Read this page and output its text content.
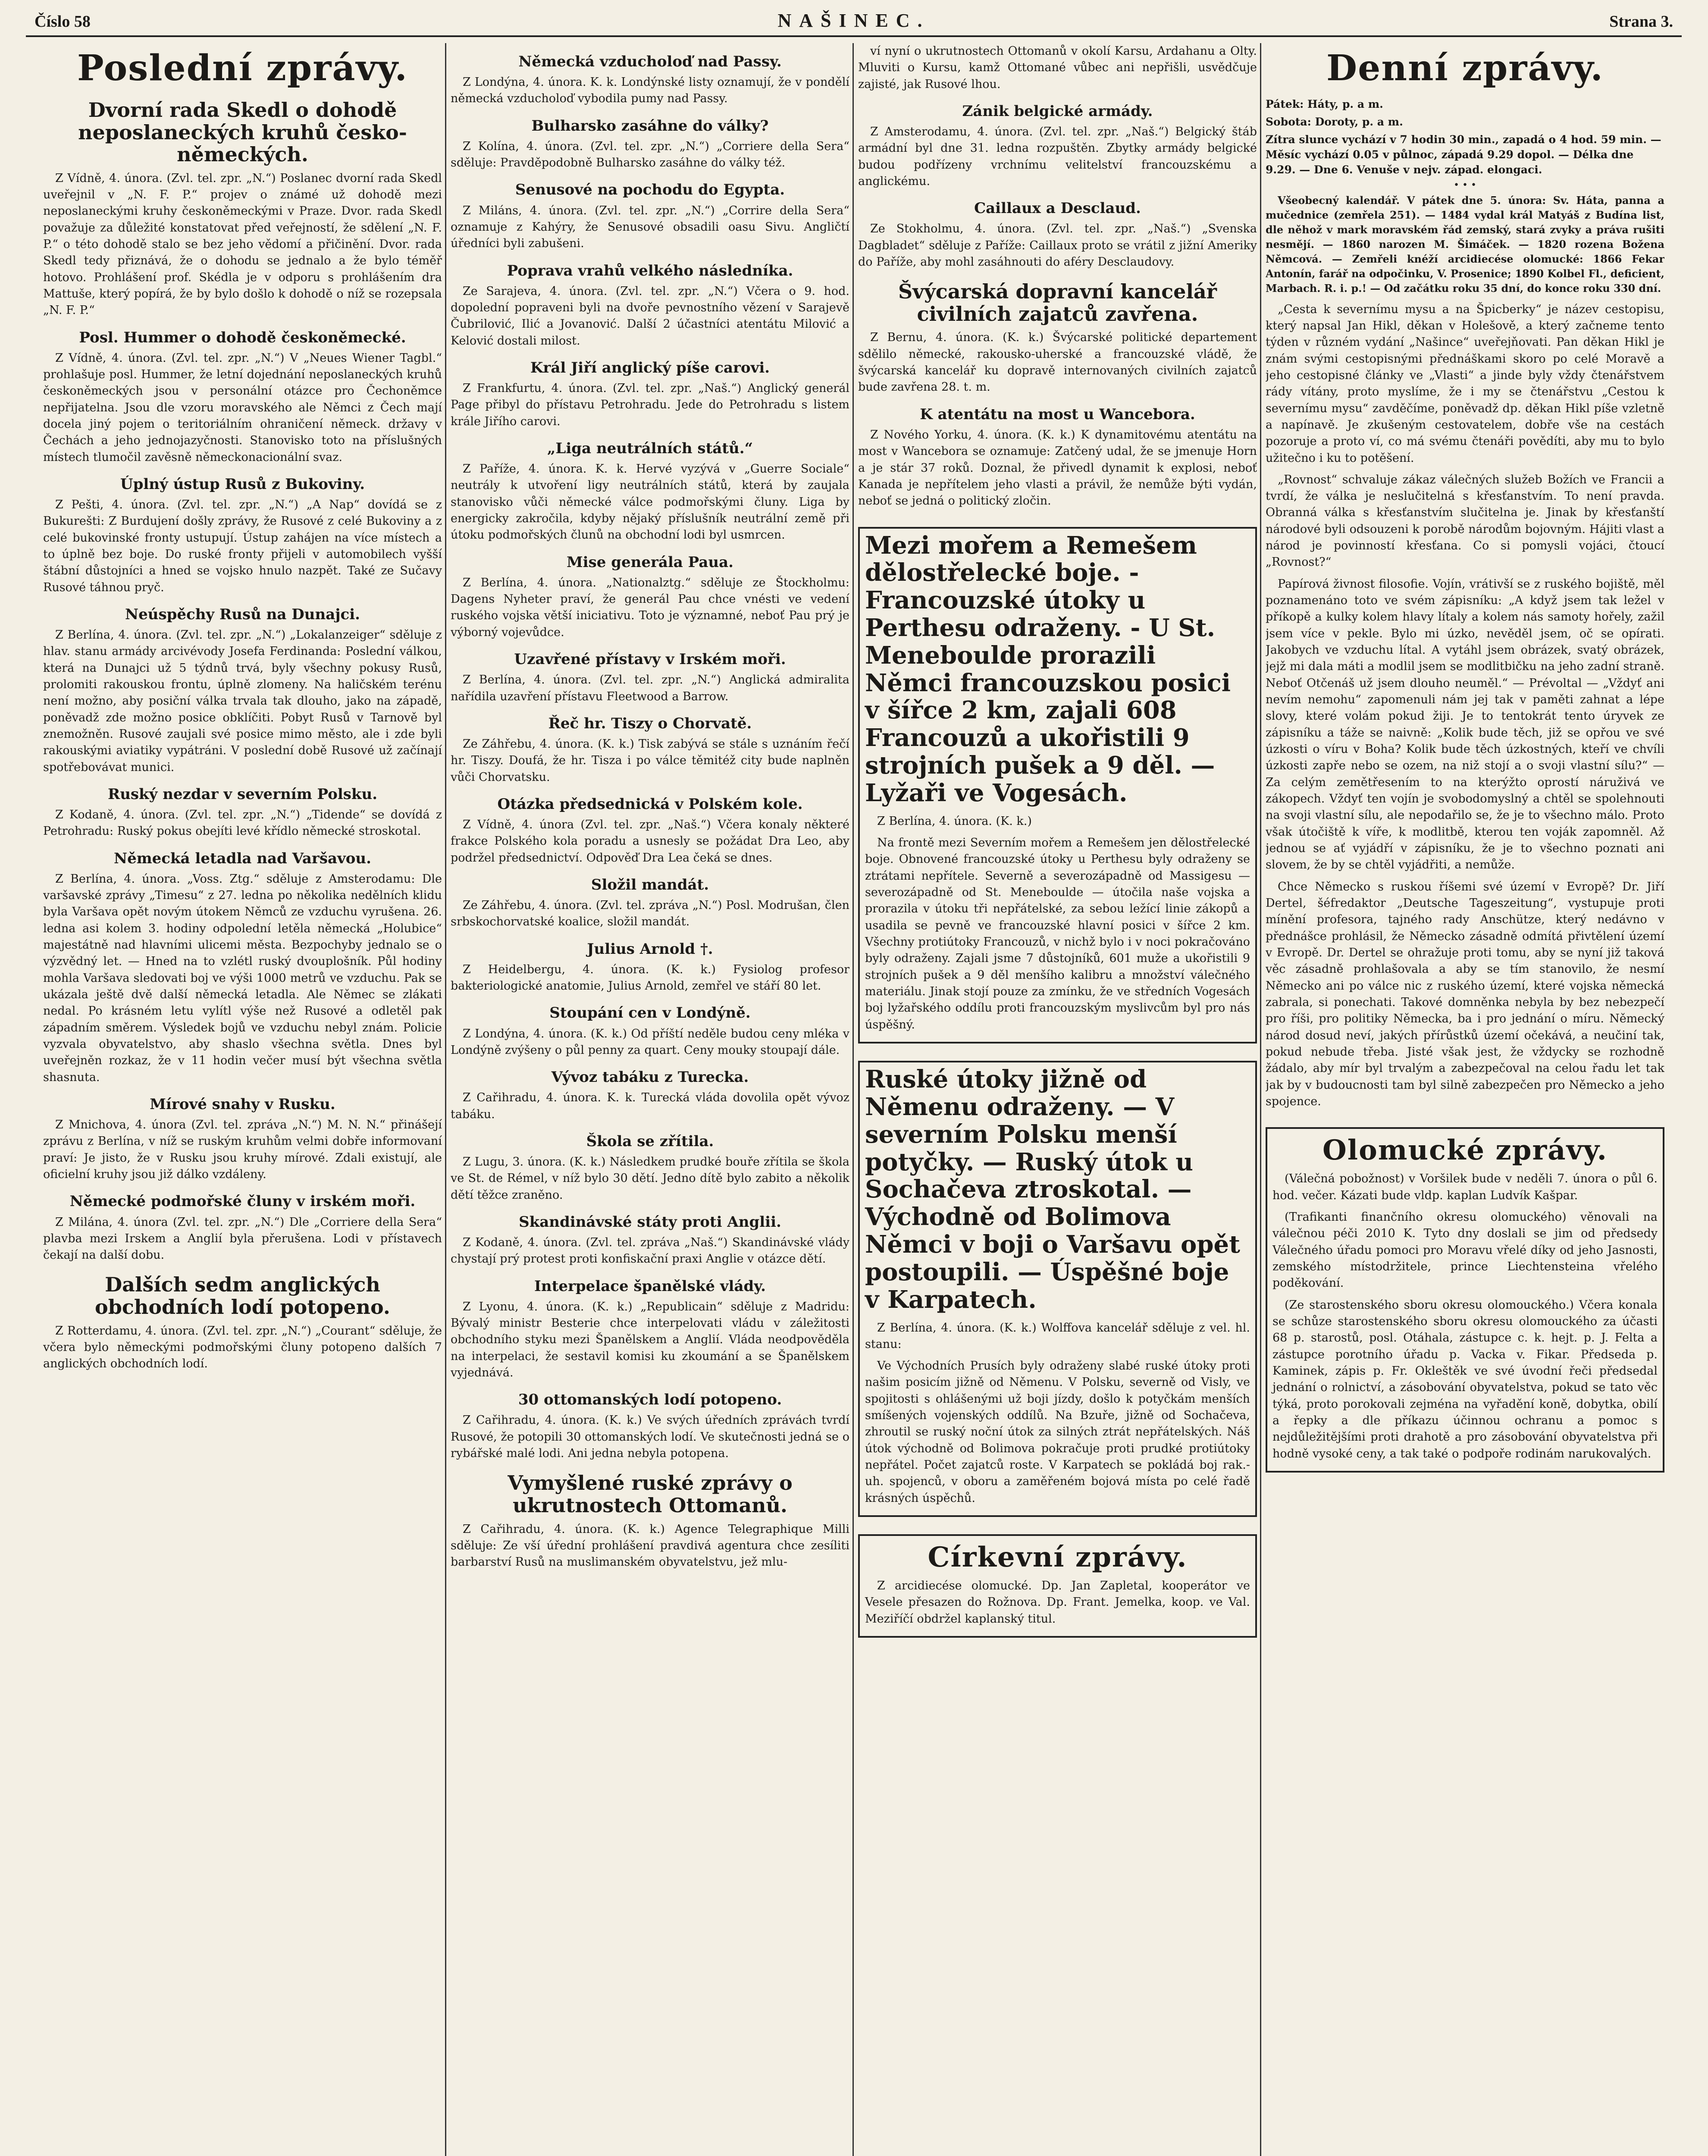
Číslo 58	NAŠINEC.	Strana 3.
Poslední zprávy.
Dvorní rada Skedl o dohodě neposlaneckých kruhů česko-německých.

Z Vídně, 4. února. (Zvl. tel. zpr. „N.“) Poslanec dvorní rada Skedl uveřejnil v „N. F. P.“ projev o známé už dohodě mezi neposlaneckými kruhy českoněmeckými v Praze. Dvor. rada Skedl považuje za důležité konstatovat před veřejností, že sdělení „N. F. P.“ o této dohodě stalo se bez jeho vědomí a přičinění. Dvor. rada Skedl tedy přiznává, že o dohodu se jednalo a že bylo téměř hotovo. Prohlášení prof. Skédla je v odporu s prohlášením dra Mattuše, který popírá, že by bylo došlo k dohodě o níž se rozepsala „N. F. P.“

Posl. Hummer o dohodě českoněmecké.

Z Vídně, 4. února. (Zvl. tel. zpr. „N.“) V „Neues Wiener Tagbl.“ prohlašuje posl. Hummer, že letní dojednání neposlaneckých kruhů českoněmeckých jsou v personální otázce pro Čechoněmce nepřijatelna. Jsou dle vzoru moravského ale Němci z Čech mají docela jiný pojem o teritoriálním ohraničení německ. državy v Čechách a jeho jednojazyčnosti. Stanovisko toto na příslušných místech tlumočil zavěsně německonacionální svaz.

Úplný ústup Rusů z Bukoviny.

Z Pešti, 4. února. (Zvl. tel. zpr. „N.“) „A Nap“ dovídá se z Bukurešti: Z Burdujení došly zprávy, že Rusové z celé Bukoviny a z celé bukovinské fronty ustupují. Ústup zahájen na více místech a to úplně bez boje. Do ruské fronty přijeli v automobilech vyšší štábní důstojníci a hned se vojsko hnulo nazpět. Také ze Sučavy Rusové táhnou pryč.

Neúspěchy Rusů na Dunajci.

Z Berlína, 4. února. (Zvl. tel. zpr. „N.“) „Lokalanzeiger“ sděluje z hlav. stanu armády arcivévody Josefa Ferdinanda: Poslední válkou, která na Dunajci už 5 týdnů trvá, byly všechny pokusy Rusů, prolomiti rakouskou frontu, úplně zlomeny. Na haličském terénu není možno, aby posiční válka trvala tak dlouho, jako na západě, poněvadž zde možno posice obklíčiti. Pobyt Rusů v Tarnově byl znemožněn. Rusové zaujali své posice mimo město, ale i zde byli rakouskými aviatiky vypátráni. V poslední době Rusové už začínají spotřebovávat munici.

Ruský nezdar v severním Polsku.

Z Kodaně, 4. února. (Zvl. tel. zpr. „N.“) „Tidende“ se dovídá z Petrohradu: Ruský pokus obejíti levé křídlo německé stroskotal.

Německá letadla nad Varšavou.

Z Berlína, 4. února. „Voss. Ztg.“ sděluje z Amsterodamu: Dle varšavské zprávy „Timesu“ z 27. ledna po několika nedělních klidu byla Varšava opět novým útokem Němců ze vzduchu vyrušena. 26. ledna asi kolem 3. hodiny odpolední letěla německá „Holubice“ majestátně nad hlavními ulicemi města. Bezpochyby jednalo se o výzvědný let. — Hned na to vzlétl ruský dvouplošník. Půl hodiny mohla Varšava sledovati boj ve výši 1000 metrů ve vzduchu. Pak se ukázala ještě dvě další německá letadla. Ale Němec se zlákati nedal. Po krásném letu vylítl výše než Rusové a odletěl pak západním směrem. Výsledek bojů ve vzduchu nebyl znám. Policie vyzvala obyvatelstvo, aby shaslo všechna světla. Dnes byl uveřejněn rozkaz, že v 11 hodin večer musí být všechna světla shasnuta.

Mírové snahy v Rusku.

Z Mnichova, 4. února (Zvl. tel. zpráva „N.“) M. N. N.“ přinášejí zprávu z Berlína, v níž se ruským kruhům velmi dobře informovaní praví: Je jisto, že v Rusku jsou kruhy mírové. Zdali existují, ale oficielní kruhy jsou již dálko vzdáleny.

Německé podmořské čluny v irském moři.

Z Milána, 4. února (Zvl. tel. zpr. „N.“) Dle „Corriere della Sera“ plavba mezi Irskem a Anglií byla přerušena. Lodi v přístavech čekají na další dobu.

Dalších sedm anglických obchodních lodí potopeno.

Z Rotterdamu, 4. února. (Zvl. tel. zpr. „N.“) „Courant“ sděluje, že včera bylo německými podmořskými čluny potopeno dalších 7 anglických obchodních lodí.

Německá vzducholoď nad Passy.

Z Londýna, 4. února. K. k. Londýnské listy oznamují, že v pondělí německá vzducholoď vybodila pumy nad Passy.

Bulharsko zasáhne do války?

Z Kolína, 4. února. (Zvl. tel. zpr. „N.“) „Corriere della Sera“ sděluje: Pravděpodobně Bulharsko zasáhne do války též.

Senusové na pochodu do Egypta.

Z Miláns, 4. února. (Zvl. tel. zpr. „N.“) „Corrire della Sera“ oznamuje z Kahýry, že Senusové obsadili oasu Sivu. Angličtí úředníci byli zabušeni.

Poprava vrahů velkého následníka.

Ze Sarajeva, 4. února. (Zvl. tel. zpr. „N.“) Včera o 9. hod. dopolední popraveni byli na dvoře pevnostního vězení v Sarajevě Čubrilović, Ilić a Jovanović. Další 2 účastníci atentátu Milović a Kelović dostali milost.

Král Jiří anglický píše carovi.

Z Frankfurtu, 4. února. (Zvl. tel. zpr. „Naš.“) Anglický generál Page přibyl do přístavu Petrohradu. Jede do Petrohradu s listem krále Jiřího carovi.

„Liga neutrálních států.“

Z Paříže, 4. února. K. k. Hervé vyzývá v „Guerre Sociale“ neutrály k utvoření ligy neutrálních států, která by zaujala stanovisko vůči německé válce podmořskými čluny. Liga by energicky zakročila, kdyby nějaký příslušník neutrální země při útoku podmořských člunů na obchodní lodi byl usmrcen.

Mise generála Paua.

Z Berlína, 4. února. „Nationalztg.“ sděluje ze Štockholmu: Dagens Nyheter praví, že generál Pau chce vnésti ve vedení ruského vojska větší iniciativu. Toto je významné, neboť Pau prý je výborný vojevůdce.

Uzavřené přístavy v Irském moři.

Z Berlína, 4. února. (Zvl. tel. zpr. „N.“) Anglická admiralita nařídila uzavření přístavu Fleetwood a Barrow.

Řeč hr. Tiszy o Chorvatě.

Ze Záhřebu, 4. února. (K. k.) Tisk zabývá se stále s uznáním řečí hr. Tiszy. Doufá, že hr. Tisza i po válce těmitéž city bude naplněn vůči Chorvatsku.

Otázka předsednická v Polském kole.

Z Vídně, 4. února (Zvl. tel. zpr. „Naš.“) Včera konaly některé frakce Polského kola poradu a usnesly se požádat Dra Leo, aby podržel předsednictví. Odpověď Dra Lea čeká se dnes.

Složil mandát.

Ze Záhřebu, 4. února. (Zvl. tel. zpráva „N.“) Posl. Modrušan, člen srbskochorvatské koalice, složil mandát.

Julius Arnold †.

Z Heidelbergu, 4. února. (K. k.) Fysiolog profesor bakteriologické anatomie, Julius Arnold, zemřel ve stáří 80 let.

Stoupání cen v Londýně.

Z Londýna, 4. února. (K. k.) Od příští neděle budou ceny mléka v Londýně zvýšeny o půl penny za quart. Ceny mouky stoupají dále.

Vývoz tabáku z Turecka.

Z Cařihradu, 4. února. K. k. Turecká vláda dovolila opět vývoz tabáku.

Škola se zřítila.

Z Lugu, 3. února. (K. k.) Následkem prudké bouře zřítila se škola ve St. de Rémel, v níž bylo 30 dětí. Jedno dítě bylo zabito a několik dětí těžce zraněno.

Skandinávské státy proti Anglii.

Z Kodaně, 4. února. (Zvl. tel. zpráva „Naš.“) Skandinávské vlády chystají prý protest proti konfiskační praxi Anglie v otázce dětí.

Interpelace španělské vlády.

Z Lyonu, 4. února. (K. k.) „Republicain“ sděluje z Madridu: Bývalý ministr Besterie chce interpelovati vládu v záležitosti obchodního styku mezi Španělskem a Anglií. Vláda neodpověděla na interpelaci, že sestavil komisi ku zkoumání a se Španělskem vyjednává.

30 ottomanských lodí potopeno.

Z Cařihradu, 4. února. (K. k.) Ve svých úředních zprávách tvrdí Rusové, že potopili 30 ottomanských lodí. Ve skutečnosti jedná se o rybářské malé lodi. Ani jedna nebyla potopena.

Vymyšlené ruské zprávy o ukrutnostech Ottomanů.

Z Cařihradu, 4. února. (K. k.) Agence Telegraphique Milli sděluje: Ze vší úřední prohlášení pravdivá agentura chce zesíliti barbarství Rusů na muslimanském obyvatelstvu, jež mlu-

ví nyní o ukrutnostech Ottomanů v okolí Karsu, Ardahanu a Olty. Mluviti o Kursu, kamž Ottomané vůbec ani nepřišli, usvědčuje zajisté, jak Rusové lhou.

Zánik belgické armády.

Z Amsterodamu, 4. února. (Zvl. tel. zpr. „Naš.“) Belgický štáb armádní byl dne 31. ledna rozpuštěn. Zbytky armády belgické budou podřízeny vrchnímu velitelství francouzskému a anglickému.

Caillaux a Desclaud.

Ze Stokholmu, 4. února. (Zvl. tel. zpr. „Naš.“) „Svenska Dagbladet“ sděluje z Paříže: Caillaux proto se vrátil z jižní Ameriky do Paříže, aby mohl zasáhnouti do aféry Desclaudovy.

Švýcarská dopravní kancelář civilních zajatců zavřena.

Z Bernu, 4. února. (K. k.) Švýcarské politické departement sdělilo německé, rakousko-uherské a francouzské vládě, že švýcarská kancelář ku dopravě internovaných civilních zajatců bude zavřena 28. t. m.

K atentátu na most u Wancebora.

Z Nového Yorku, 4. února. (K. k.) K dynamitovému atentátu na most v Wancebora se oznamuje: Zatčený udal, že se jmenuje Horn a je stár 37 roků. Doznal, že přivedl dynamit k explosi, neboť Kanada je nepřítelem jeho vlasti a právil, že nemůže býti vydán, neboť se jedná o politický zločin.

Mezi mořem a Remešem dělostřelecké boje. - Francouzské útoky u Perthesu odraženy. - U St. Meneboulde prorazili Němci francouzskou posici v šířce 2 km, zajali 608 Francouzů a ukořistili 9 strojních pušek a 9 děl. — Lyžaři ve Vogesách.

Z Berlína, 4. února. (K. k.)

Na frontě mezi Severním mořem a Remešem jen dělostřelecké boje. Obnovené francouzské útoky u Perthesu byly odraženy se ztrátami nepřítele. Severně a severozápadně od Massigesu — severozápadně od St. Meneboulde — útočila naše vojska a prorazila v útoku tři nepřátelské, za sebou ležící linie zákopů a usadila se pevně ve francouzské hlavní posici v šířce 2 km. Všechny protiútoky Francouzů, v nichž bylo i v noci pokračováno byly odraženy. Zajali jsme 7 důstojníků, 601 muže a ukořistili 9 strojních pušek a 9 děl menšího kalibru a množství válečného materiálu. Jinak stojí pouze za zmínku, že ve středních Vogesách boj lyžařského oddílu proti francouzským myslivcům byl pro nás úspěšný.

Ruské útoky jižně od Němenu odraženy. — V severním Polsku menší potyčky. — Ruský útok u Sochačeva ztroskotal. — Východně od Bolimova Němci v boji o Varšavu opět postoupili. — Úspěšné boje v Karpatech.

Z Berlína, 4. února. (K. k.) Wolffova kancelář sděluje z vel. hl. stanu:

Ve Východních Prusích byly odraženy slabé ruské útoky proti našim posicím jižně od Němenu. V Polsku, severně od Visly, ve spojitosti s ohlášenými už boji jízdy, došlo k potyčkám menších smíšených vojenských oddílů. Na Bzuře, jižně od Sochačeva, zhroutil se ruský noční útok za silných ztrát nepřátelských. Náš útok východně od Bolimova pokračuje proti prudké protiútoky nepřátel. Počet zajatců roste. V Karpatech se pokládá boj rak.-uh. spojenců, v oboru a zaměřeném bojová místa po celé řadě krásných úspěchů.

Církevní zprávy.

Z arcidiecése olomucké. Dp. Jan Zapletal, kooperátor ve Vesele přesazen do Rožnova. Dp. Frant. Jemelka, koop. ve Val. Meziříčí obdržel kaplanský titul.

Denní zprávy.
Pátek: Háty, p. a m.
Sobota: Doroty, p. a m.
Zítra slunce vychází v 7 hodin 30 min., zapadá o 4 hod. 59 min. — Měsíc vychází 0.05 v půlnoc, západá 9.29 dopol. — Délka dne 9.29. — Dne 6. Venuše v nejv. západ. elongaci.
• • •

Všeobecný kalendář. V pátek dne 5. února: Sv. Háta, panna a mučednice (zemřela 251). — 1484 vydal král Matyáš z Budína list, dle něhož v mark moravském řád zemský, stará zvyky a práva rušiti nesmějí. — 1860 narozen M. Šimáček. — 1820 rozena Božena Němcová. — Zemřeli knéží arcidiecése olomucké: 1866 Fekar Antonín, farář na odpočinku, V. Prosenice; 1890 Kolbel Fl., deficient, Marbach. R. i. p.! — Od začátku roku 35 dní, do konce roku 330 dní.

„Cesta k severnímu mysu a na Špicberky“ je název cestopisu, který napsal Jan Hikl, děkan v Holešově, a který začneme tento týden v různém vydání „Našince“ uveřejňovati. Pan děkan Hikl je znám svými cestopisnými přednáškami skoro po celé Moravě a jeho cestopisné články ve „Vlasti“ a jinde byly vždy čtenářstvem rády vítány, proto myslíme, že i my se čtenářstvu „Cestou k severnímu mysu“ zavděčíme, poněvadž dp. děkan Hikl píše vzletně a napínavě. Je zkušeným cestovatelem, dobře vše na cestách pozoruje a proto ví, co má svému čtenáři povědíti, aby mu to bylo užitečno i ku to potěšení.

„Rovnost“ schvaluje zákaz válečných služeb Božích ve Francii a tvrdí, že válka je neslučitelná s křesťanstvím. To není pravda. Obranná válka s křesťanstvím slučitelna je. Jinak by křesťanští národové byli odsouzeni k porobě národům bojovným. Hájiti vlast a národ je povinností křesťana. Co si pomysli vojáci, čtoucí „Rovnost?“

Papírová živnost filosofie. Vojín, vrátivší se z ruského bojiště, měl poznamenáno toto ve svém zápisníku: „A když jsem tak ležel v příkopě a kulky kolem hlavy lítaly a kolem nás samoty hořely, zažil jsem více v pekle. Bylo mi úzko, nevěděl jsem, oč se opírati. Jakobych ve vzduchu lítal. A vytáhl jsem obrázek, svatý obrázek, jejž mi dala máti a modlil jsem se modlitbičku na jeho zadní straně. Neboť Otčenáš už jsem dlouho neuměl.“ — Prévoltal — „Vždyť ani nevím nemohu“ zapomenuli nám jej tak v paměti zahnat a lépe slovy, které volám pokud žiji. Je to tentokrát tento úryvek ze zápisníku a táže se naivně: „Kolik bude těch, již se opřou ve své úzkosti o víru v Boha? Kolik bude těch úzkostných, kteří ve chvíli úzkosti zapře nebo se ozem, na niž stojí a o svoji vlastní sílu?“ — Za celým zemětřesením to na kterýžto oprostí náruživá ve zákopech. Vždyť ten vojín je svobodomyslný a chtěl se spolehnouti na svoji vlastní sílu, ale nepodařilo se, že je to všechno málo. Proto však útočiště k víře, k modlitbě, kterou ten voják zapomněl. Až jednou se ať vyjádří v zápisníku, že je to všechno poznati ani slovem, že by se chtěl vyjádřiti, a nemůže.

Chce Německo s ruskou říšemi své území v Evropě? Dr. Jiří Dertel, šéfredaktor „Deutsche Tageszeitung“, vystupuje proti mínění profesora, tajného rady Anschütze, který nedávno v přednášce prohlásil, že Německo zásadně odmítá přivtělení území v Evropě. Dr. Dertel se ohražuje proti tomu, aby se nyní již taková věc zásadně prohlašovala a aby se tím stanovilo, že nesmí Německo ani po válce nic z ruského území, které vojska německá zabrala, si ponechati. Takové domněnka nebyla by bez nebezpečí pro říši, pro politiky Německa, ba i pro jednání o míru. Německý národ dosud neví, jakých přírůstků území očekává, a neučiní tak, pokud nebude třeba. Jisté však jest, že vždycky se rozhodně žádalo, aby mír byl trvalým a zabezpečoval na celou řadu let tak jak by v budoucnosti tam byl silně zabezpečen pro Německo a jeho spojence.

Olomucké zprávy.

(Válečná pobožnost) v Voršilek bude v neděli 7. února o půl 6. hod. večer. Kázati bude vldp. kaplan Ludvík Kašpar.

(Trafikanti finančního okresu olomuckého) věnovali na válečnou péči 2010 K. Tyto dny doslali se jim od předsedy Válečného úřadu pomoci pro Moravu vřelé díky od jeho Jasnosti, zemského místodržitele, prince Liechtensteina vřelého poděkování.

(Ze starostenského sboru okresu olomouckého.) Včera konala se schůze starostenského sboru okresu olomouckého za účasti 68 p. starostů, posl. Otáhala, zástupce c. k. hejt. p. J. Felta a zástupce porotního úřadu p. Vacka v. Fikar. Předseda p. Kaminek, zápis p. Fr. Okleštěk ve své úvodní řeči předsedal jednání o rolnictví, a zásobování obyvatelstva, pokud se tato věc týká, proto porokovali zejména na vyřadění koně, dobytka, obilí a řepky a dle příkazu účinnou ochranu a pomoc s nejdůležitějšími proti drahotě a pro zásobování obyvatelstva při hodně vysoké ceny, a tak také o podpoře rodinám narukovalých.
